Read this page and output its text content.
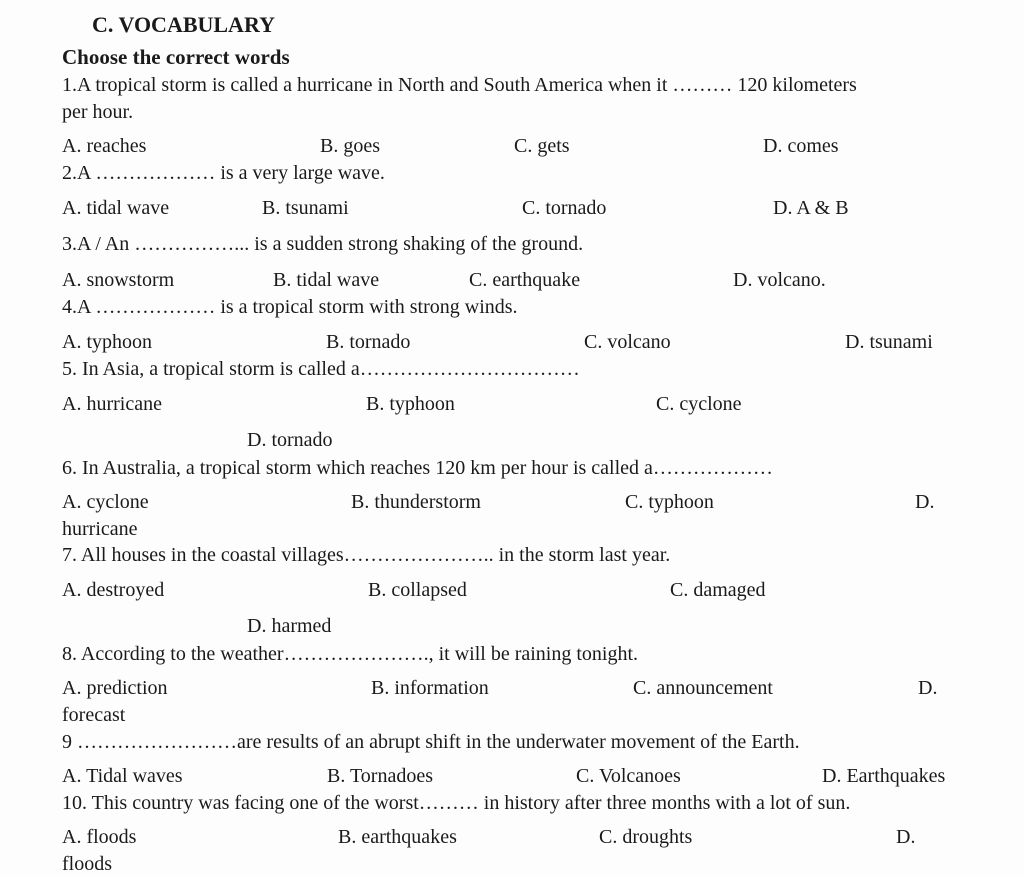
C. VOCABULARY
Choose the correct words
1.A tropical storm is called a hurricane in North and South America when it ……… 120 kilometers
per hour.
A. reaches	B. goes	C. gets	D. comes
2.A ……………… is a very large wave.
A. tidal wave	B. tsunami	C. tornado	D. A & B
3.A / An ……………... is a sudden strong shaking of the ground.
A. snowstorm	B. tidal wave	C. earthquake	D. volcano.
4.A ……………… is a tropical storm with strong winds.
A. typhoon	B. tornado	C. volcano	D. tsunami
5. In Asia, a tropical storm is called a……………………………
A. hurricane	B. typhoon	C. cyclone
D. tornado
6. In Australia, a tropical storm which reaches 120 km per hour is called a………………
A. cyclone	B. thunderstorm	C. typhoon	D.
hurricane
7. All houses in the coastal villages………………….. in the storm last year.
A. destroyed	B. collapsed	C. damaged
D. harmed
8. According to the weather…………………., it will be raining tonight.
A. prediction	B. information	C. announcement	D.
forecast
9 ……………………are results of an abrupt shift in the underwater movement of the Earth.
A. Tidal waves	B. Tornadoes	C. Volcanoes	D. Earthquakes
10. This country was facing one of the worst……… in history after three months with a lot of sun.
A. floods	B. earthquakes	C. droughts	D.
floods
